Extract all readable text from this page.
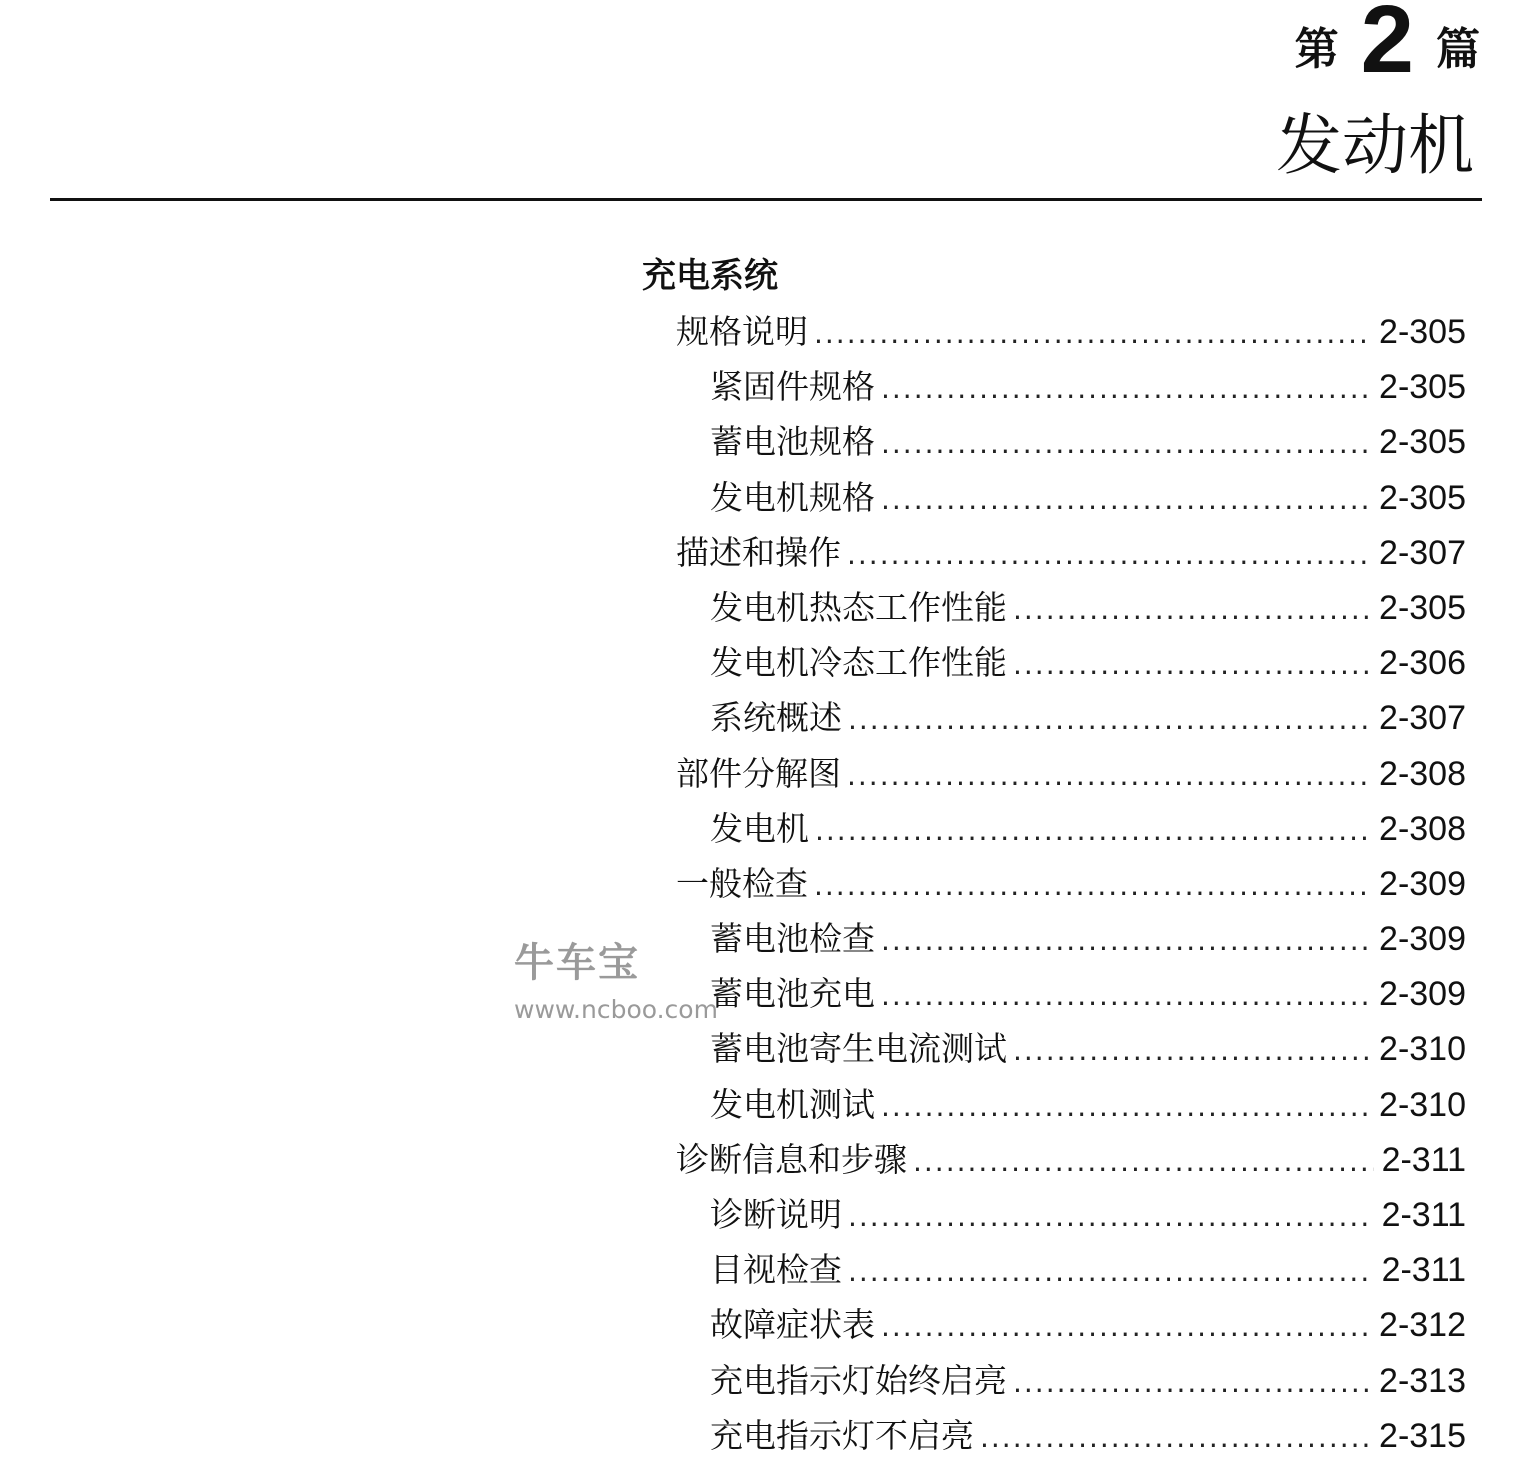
第 2 篇
发动机
充电系统
规格说明 .....	2-305
紧固件规格 .....	2-305
蓄电池规格 .....	2-305
发电机规格 .....	2-305
描述和操作 .....	2-307
发电机热态工作性能 .....	2-305
发电机冷态工作性能 .....	2-306
系统概述 .....	2-307
部件分解图 .....	2-308
发电机 .....	2-308
一般检查 .....	2-309
蓄电池检查 .....	2-309
蓄电池充电 .....	2-309
蓄电池寄生电流测试 .....	2-310
发电机测试 .....	2-310
诊断信息和步骤 .....	2-311
诊断说明 .....	2-311
目视检查 .....	2-311
故障症状表 .....	2-312
充电指示灯始终启亮 .....	2-313
充电指示灯不启亮 .....	2-315
牛车宝
www.ncboo.com
